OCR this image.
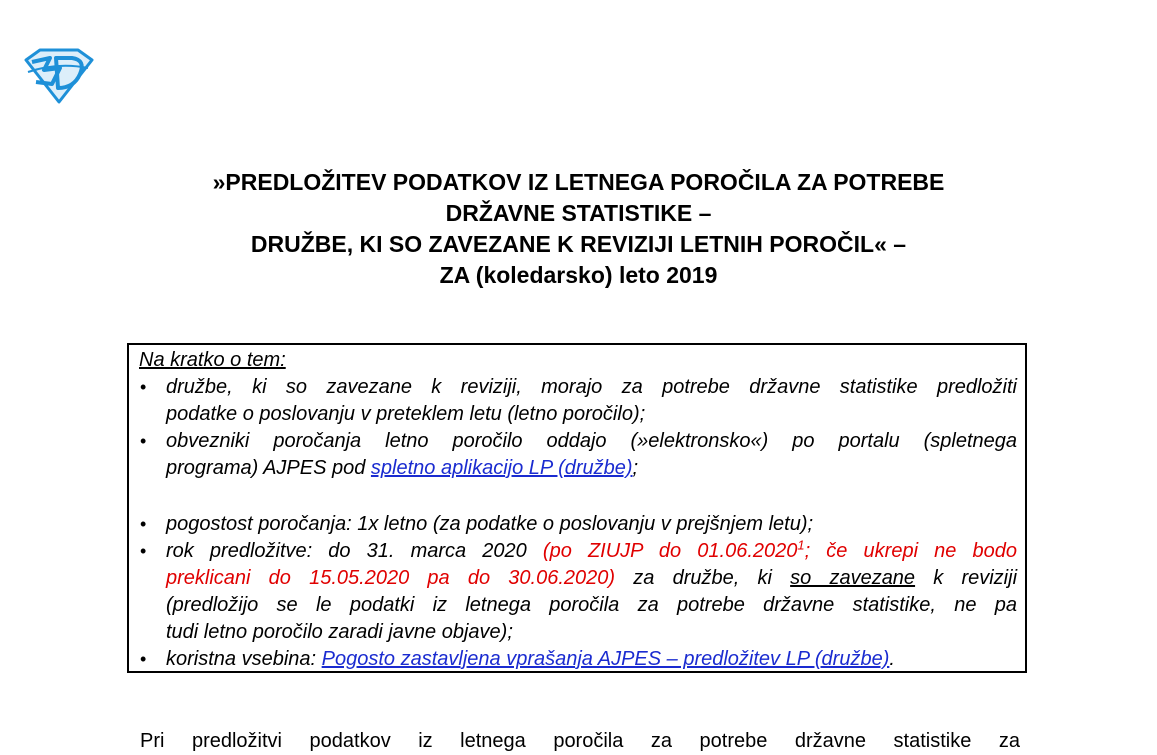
»PREDLOŽITEV PODATKOV IZ LETNEGA POROČILA ZA POTREBE
DRŽAVNE STATISTIKE –
DRUŽBE, KI SO ZAVEZANE K REVIZIJI LETNIH POROČIL« –
ZA (koledarsko) leto 2019
Na kratko o tem:
• družbe, ki so zavezane k reviziji, morajo za potrebe državne statistike predložiti
podatke o poslovanju v preteklem letu (letno poročilo);
• obvezniki poročanja letno poročilo oddajo (»elektronsko«) po portalu (spletnega
programa) AJPES pod spletno aplikacijo LP (družbe);
• pogostost poročanja: 1x letno (za podatke o poslovanju v prejšnjem letu);
• rok predložitve: do 31. marca 2020 (po ZIUJP do 01.06.2020$^1$; če ukrepi ne bodo
preklicani do 15.05.2020 pa do 30.06.2020) za družbe, ki so zavezane k reviziji
(predložijo se le podatki iz letnega poročila za potrebe državne statistike, ne pa
tudi letno poročilo zaradi javne objave);
• koristna vsebina: Pogosto zastavljena vprašanja AJPES – predložitev LP (družbe).
Pri predložitvi podatkov iz letnega poročila za potrebe državne statistike za
